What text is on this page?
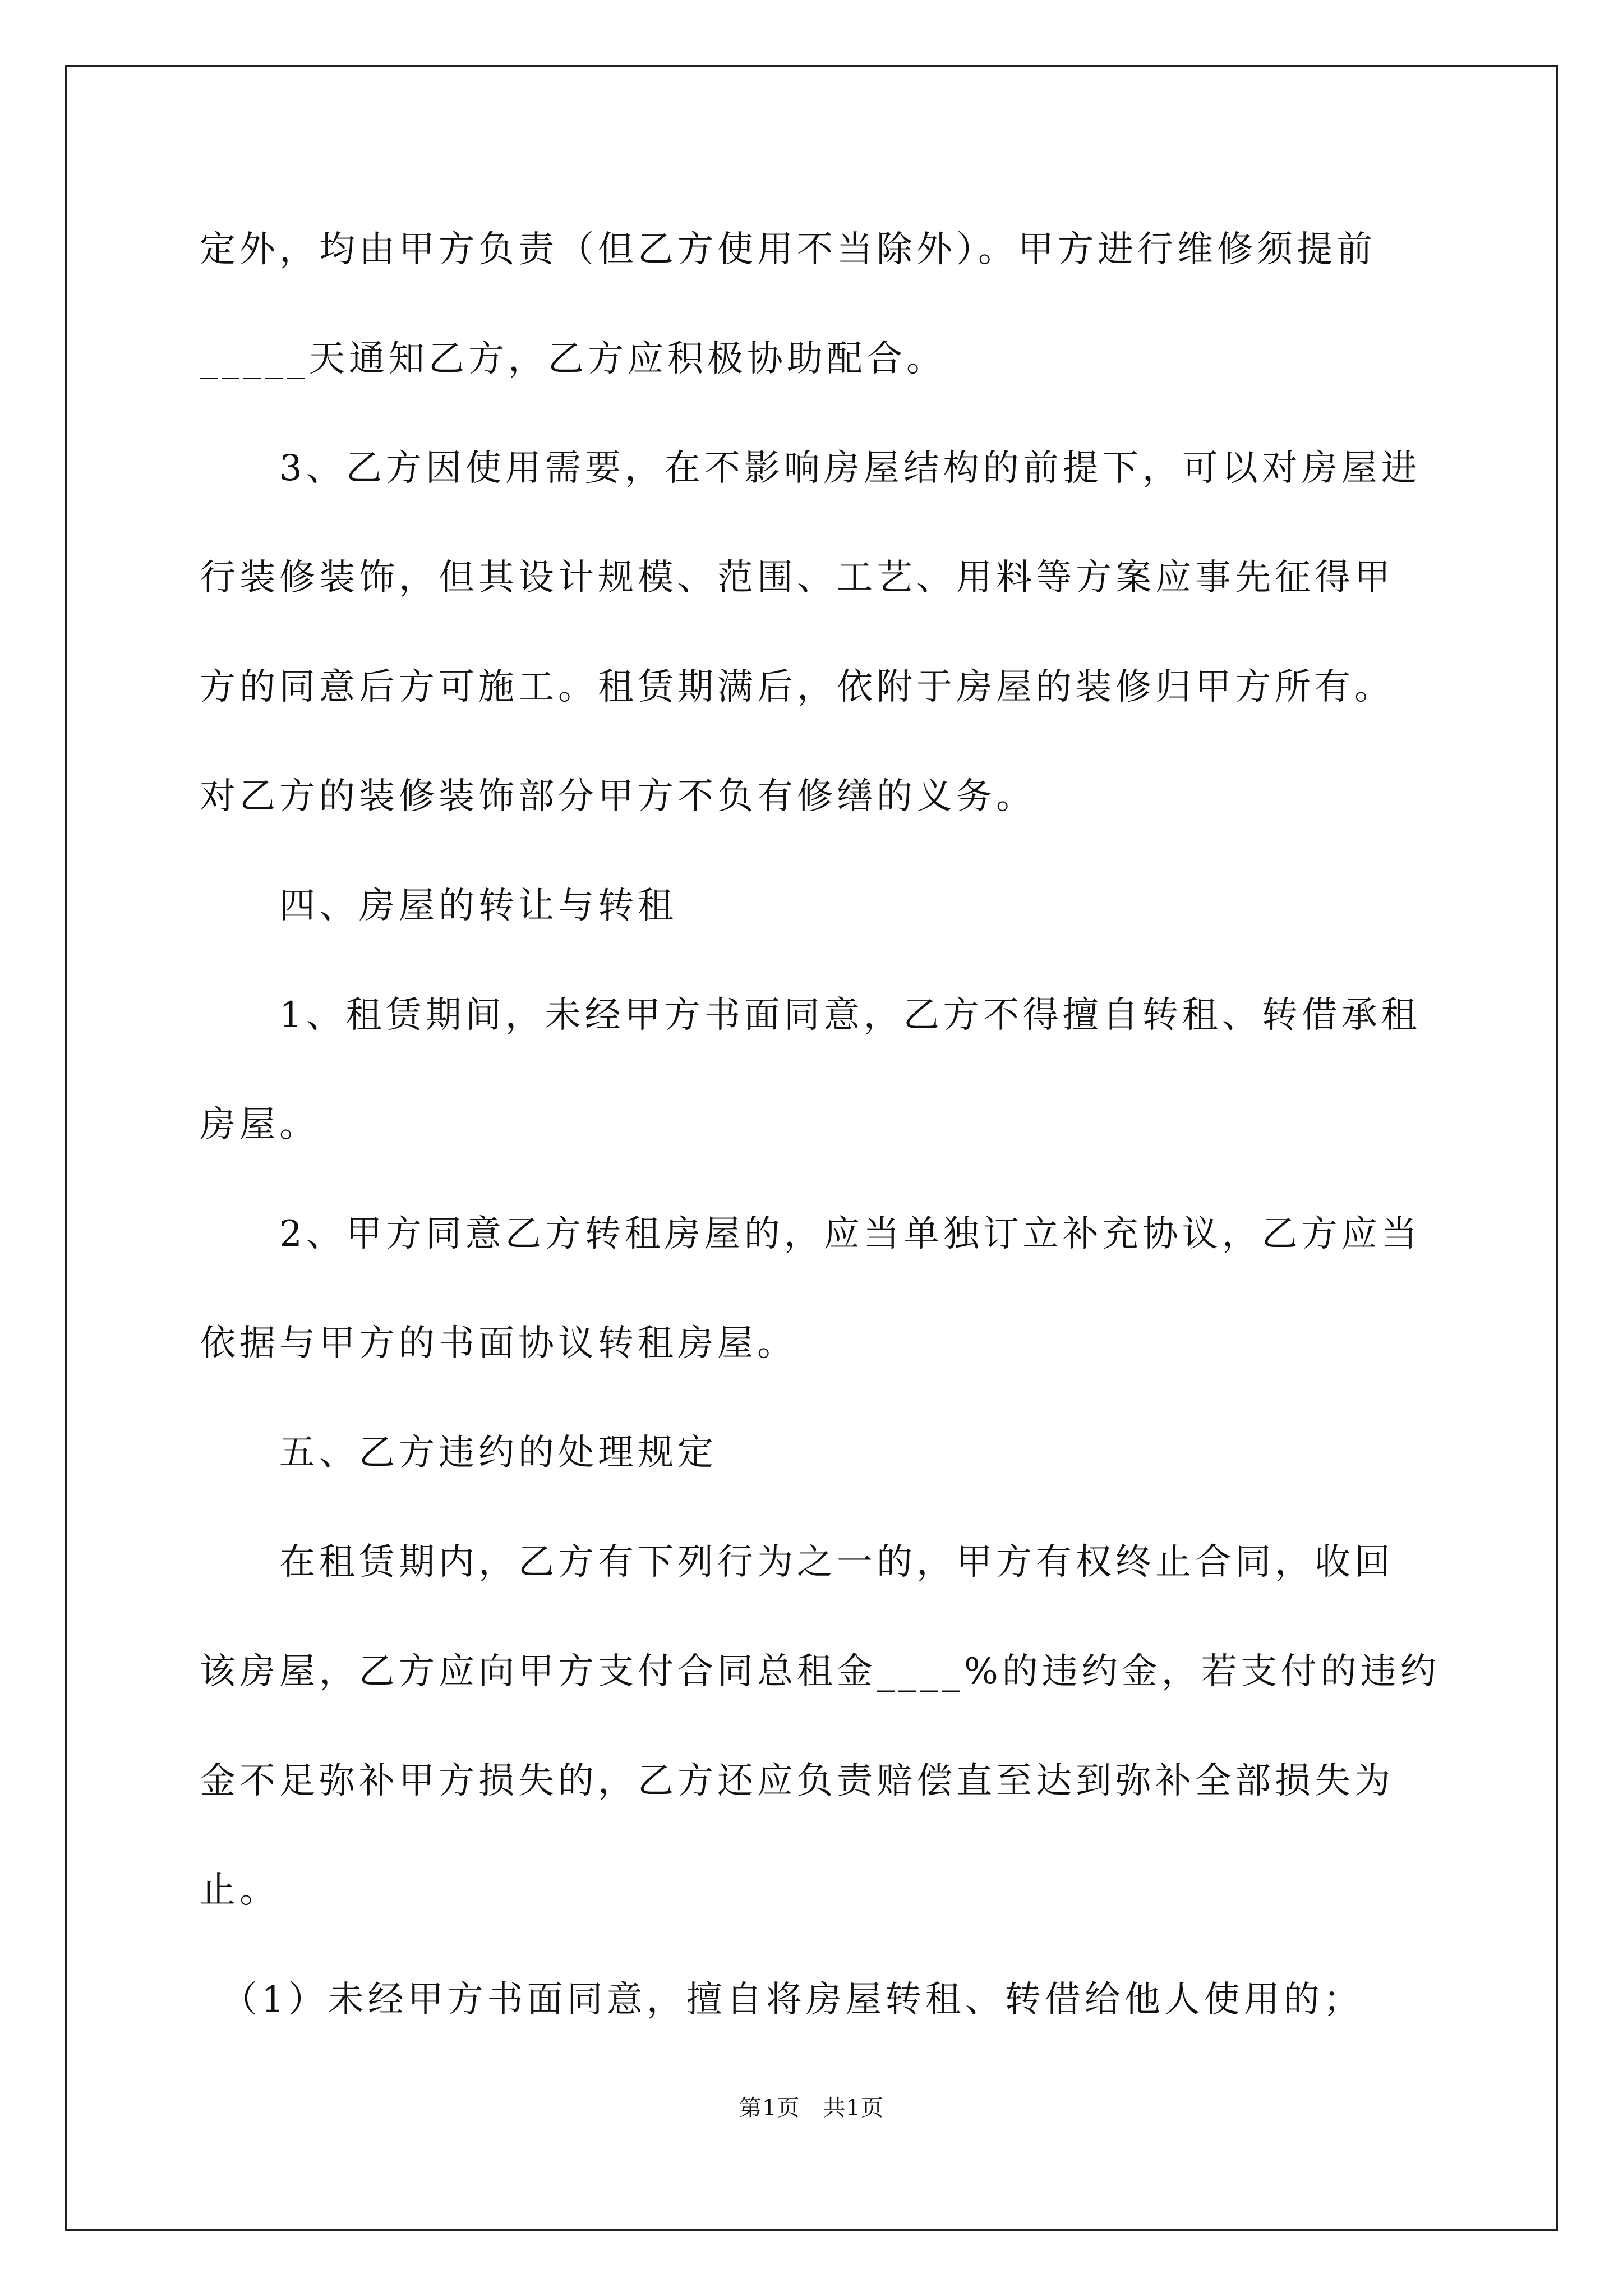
定外，均由甲方负责（但乙方使用不当除外）。甲方进行维修须提前
_____天通知乙方，乙方应积极协助配合。
　　3、乙方因使用需要，在不影响房屋结构的前提下，可以对房屋进
行装修装饰，但其设计规模、范围、工艺、用料等方案应事先征得甲
方的同意后方可施工。租赁期满后，依附于房屋的装修归甲方所有。
对乙方的装修装饰部分甲方不负有修缮的义务。
　　四、房屋的转让与转租
　　1、租赁期间，未经甲方书面同意，乙方不得擅自转租、转借承租
房屋。
　　2、甲方同意乙方转租房屋的，应当单独订立补充协议，乙方应当
依据与甲方的书面协议转租房屋。
　　五、乙方违约的处理规定
　　在租赁期内，乙方有下列行为之一的，甲方有权终止合同，收回
该房屋，乙方应向甲方支付合同总租金____%的违约金，若支付的违约
金不足弥补甲方损失的，乙方还应负责赔偿直至达到弥补全部损失为
止。
　（1）未经甲方书面同意，擅自将房屋转租、转借给他人使用的；
第1页　共1页
